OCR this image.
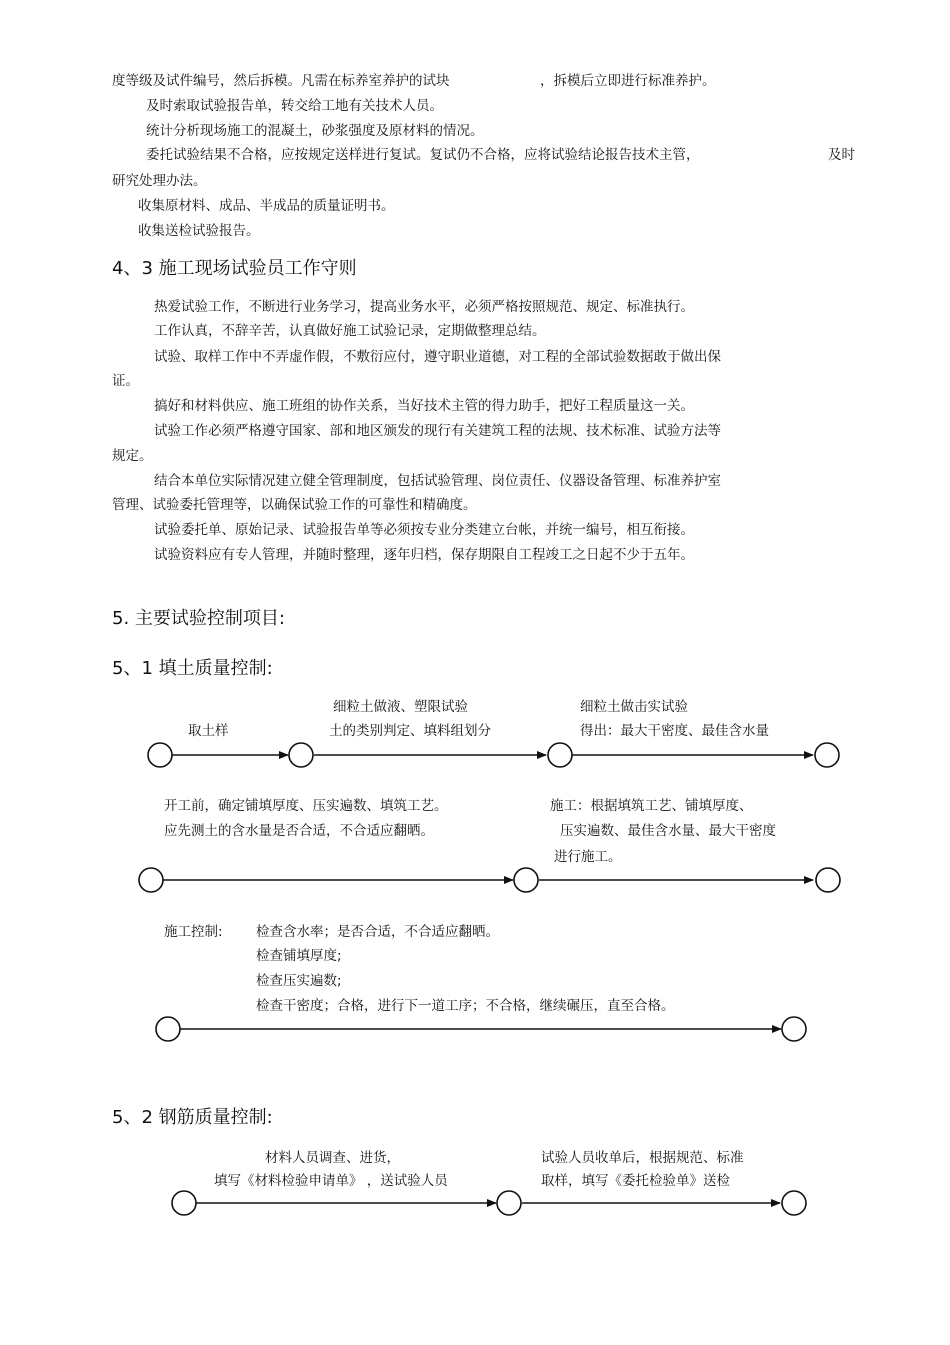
度等级及试件编号，然后拆模。凡需在标养室养护的试块	，拆模后立即进行标准养护。
及时索取试验报告单，转交给工地有关技术人员。
统计分析现场施工的混凝土，砂浆强度及原材料的情况。
委托试验结果不合格，应按规定送样进行复试。复试仍不合格，应将试验结论报告技术主管，	及时
研究处理办法。
收集原材料、成品、半成品的质量证明书。
收集送检试验报告。
4、3 施工现场试验员工作守则
热爱试验工作，不断进行业务学习，提高业务水平，必须严格按照规范、规定、标准执行。
工作认真，不辞辛苦，认真做好施工试验记录，定期做整理总结。
试验、取样工作中不弄虚作假，不敷衍应付，遵守职业道德，对工程的全部试验数据敢于做出保
证。
搞好和材料供应、施工班组的协作关系，当好技术主管的得力助手，把好工程质量这一关。
试验工作必须严格遵守国家、部和地区颁发的现行有关建筑工程的法规、技术标准、试验方法等
规定。
结合本单位实际情况建立健全管理制度，包括试验管理、岗位责任、仪器设备管理、标准养护室
管理、试验委托管理等，以确保试验工作的可靠性和精确度。
试验委托单、原始记录、试验报告单等必须按专业分类建立台帐，并统一编号，相互衔接。
试验资料应有专人管理，并随时整理，逐年归档，保存期限自工程竣工之日起不少于五年。
5. 主要试验控制项目:
5、1 填土质量控制:
取土样
细粒土做液、塑限试验
土的类别判定、填料组划分
细粒土做击实试验
得出：最大干密度、最佳含水量
开工前，确定铺填厚度、压实遍数、填筑工艺。
应先测土的含水量是否合适，不合适应翻晒。
施工：根据填筑工艺、铺填厚度、
压实遍数、最佳含水量、最大干密度
进行施工。
施工控制: 检查含水率；是否合适，不合适应翻晒。
检查铺填厚度;
检查压实遍数;
检查干密度；合格，进行下一道工序；不合格，继续碾压，直至合格。
5、2 钢筋质量控制:
材料人员调查、进货，
填写《材料检验申请单》 ，送试验人员
试验人员收单后，根据规范、标准
取样，填写《委托检验单》送检
